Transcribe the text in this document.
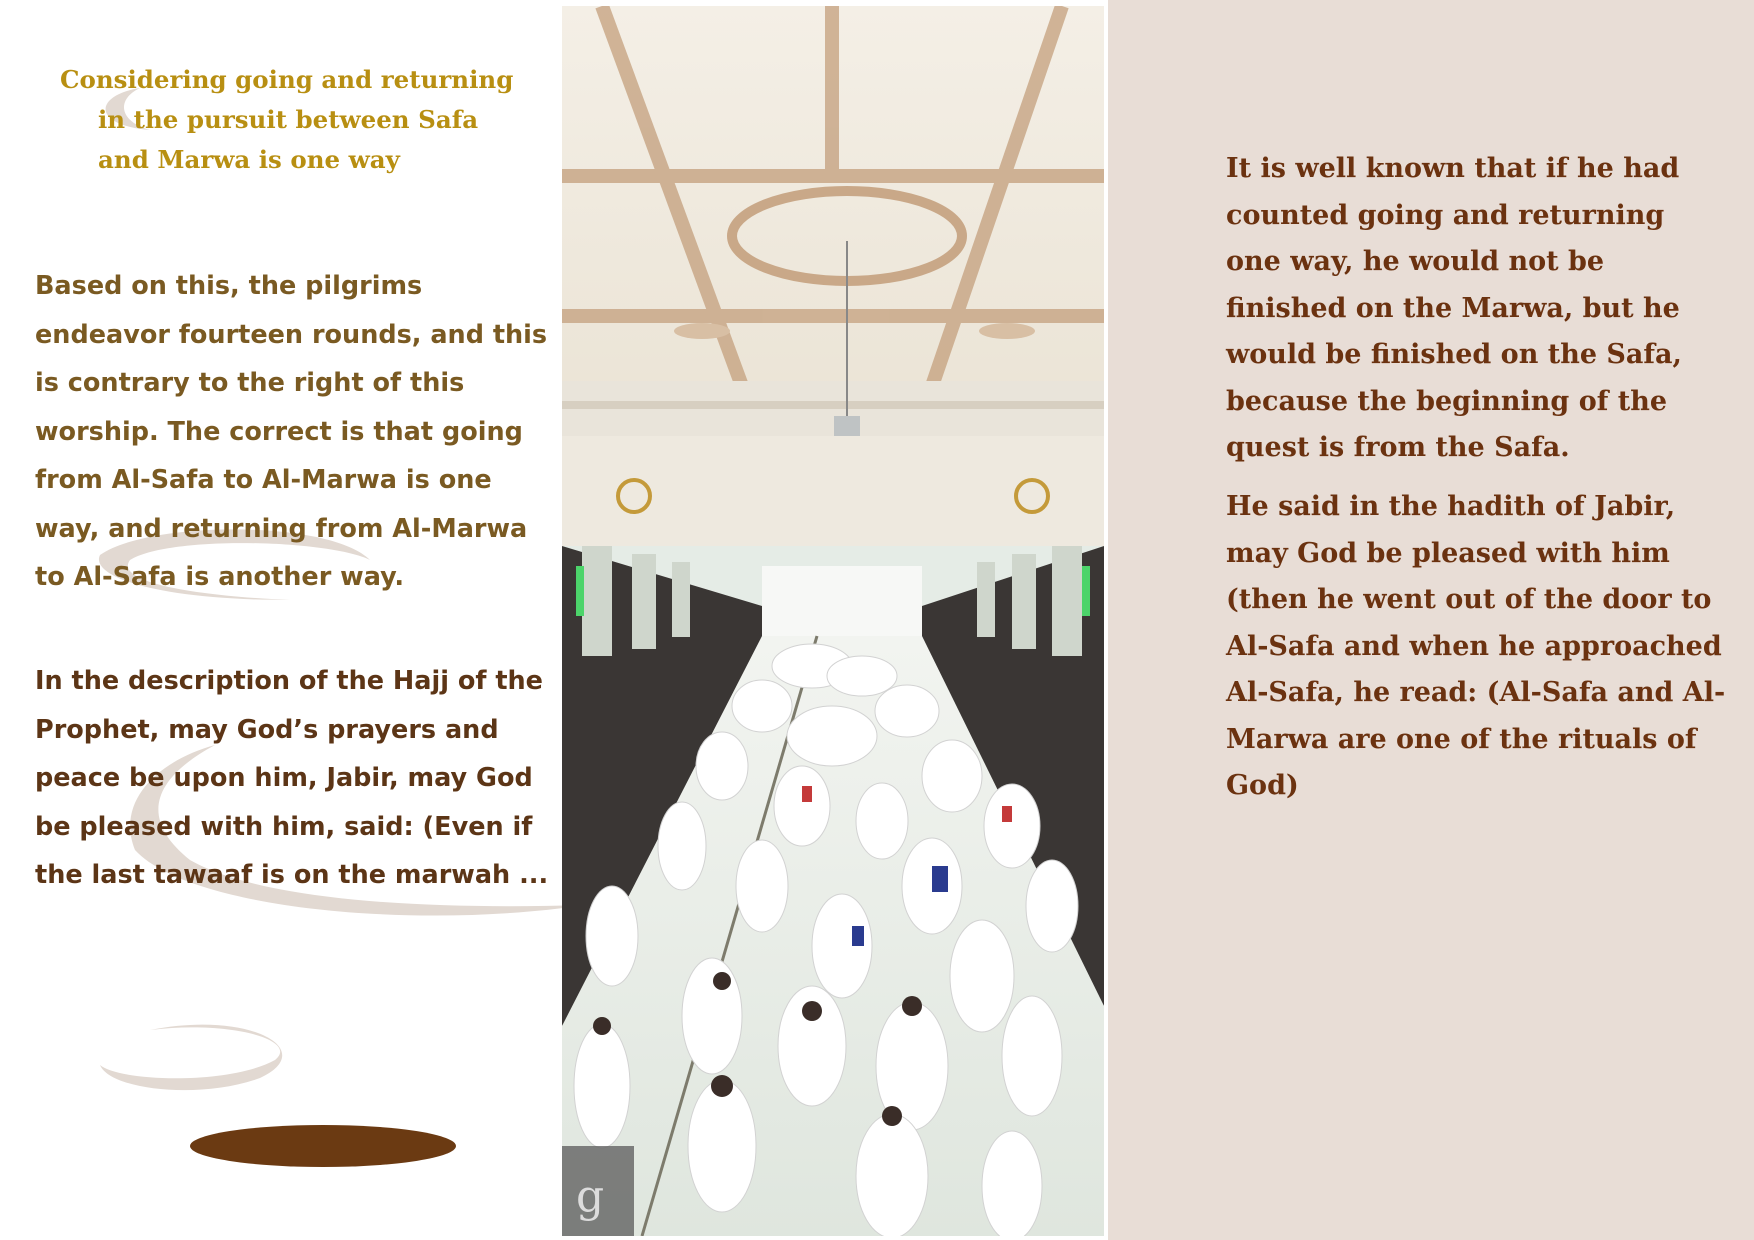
Considering going and returning
in the pursuit between Safa
and Marwa is one way
Based on this, the pilgrims endeavor fourteen rounds, and this is contrary to the right of this worship. The correct is that going from Al-Safa to Al-Marwa is one way, and returning from Al-Marwa to Al-Safa is another way.
In the description of the Hajj of the Prophet, may God’s prayers and peace be upon him, Jabir, may God be pleased with him, said: (Even if the last tawaaf is on the marwah ...
g
It is well known that if he had counted going and returning one way, he would not be finished on the Marwa, but he would be finished on the Safa, because the beginning of the quest is from the Safa.
He said in the hadith of Jabir, may God be pleased with him (then he went out of the door to Al-Safa and when he approached Al-Safa, he read: (Al-Safa and Al-Marwa are one of the rituals of God)
